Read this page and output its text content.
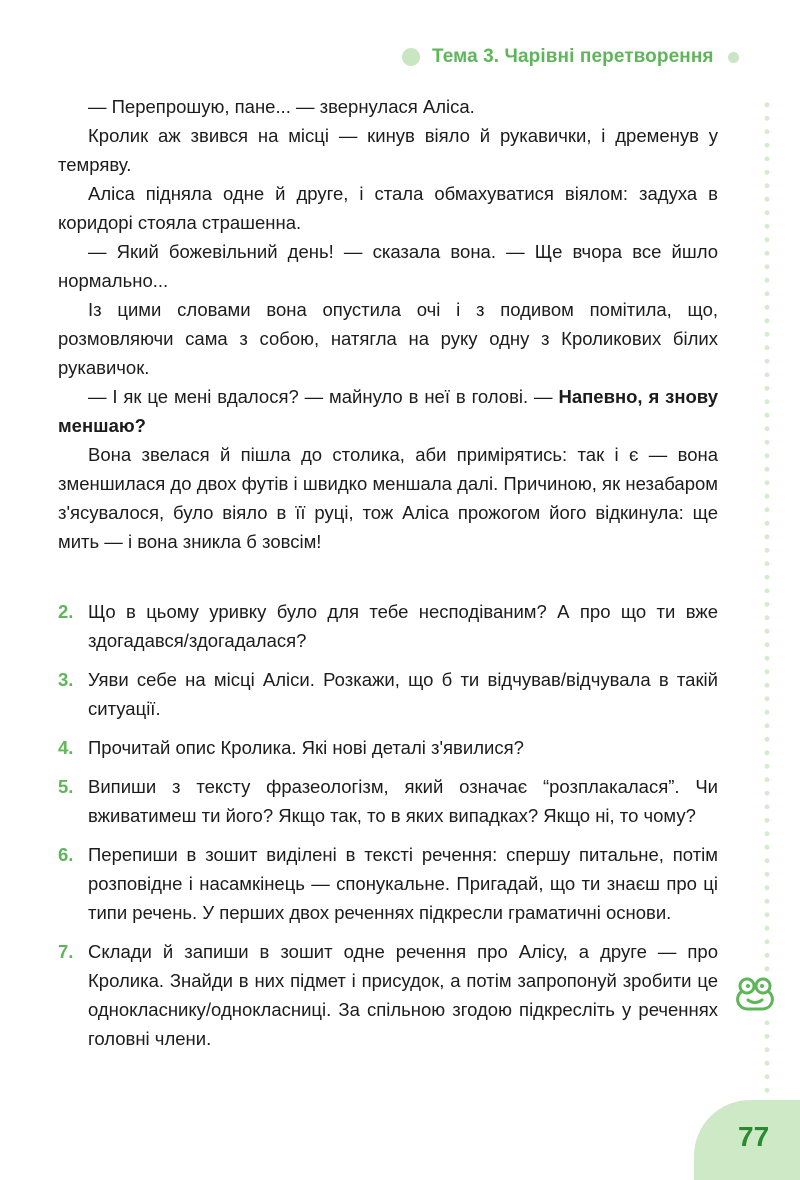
Тема 3. Чарівні перетворення

— Перепрошую, пане... — звернулася Аліса.

Кролик аж звився на місці — кинув віяло й рукавички, і дременув у темряву.

Аліса підняла одне й друге, і стала обмахуватися віялом: задуха в коридорі стояла страшенна.

— Який божевільний день! — сказала вона. — Ще вчора все йшло нормально...

Із цими словами вона опустила очі і з подивом помітила, що, розмовляючи сама з собою, натягла на руку одну з Кроликових білих рукавичок.

— І як це мені вдалося? — майнуло в неї в голові. — Напевно, я знову меншаю?

Вона звелася й пішла до столика, аби примірятись: так і є — вона зменшилася до двох футів і швидко меншала далі. Причиною, як незабаром з'ясувалося, було віяло в її руці, тож Аліса прожогом його відкинула: ще мить — і вона зникла б зовсім!

2. Що в цьому уривку було для тебе несподіваним? А про що ти вже здогадався/здогадалася?
3. Уяви себе на місці Аліси. Розкажи, що б ти відчував/відчувала в такій ситуації.
4. Прочитай опис Кролика. Які нові деталі з'явилися?
5. Випиши з тексту фразеологізм, який означає “розплакалася”. Чи вживатимеш ти його? Якщо так, то в яких випадках? Якщо ні, то чому?
6. Перепиши в зошит виділені в тексті речення: спершу питальне, потім розповідне і насамкінець — спонукальне. Пригадай, що ти знаєш про ці типи речень. У перших двох реченнях підкресли граматичні основи.
7. Склади й запиши в зошит одне речення про Алісу, а друге — про Кролика. Знайди в них підмет і присудок, а потім запропонуй зробити це однокласнику/однокласниці. За спільною згодою підкресліть у реченнях головні члени.
77
